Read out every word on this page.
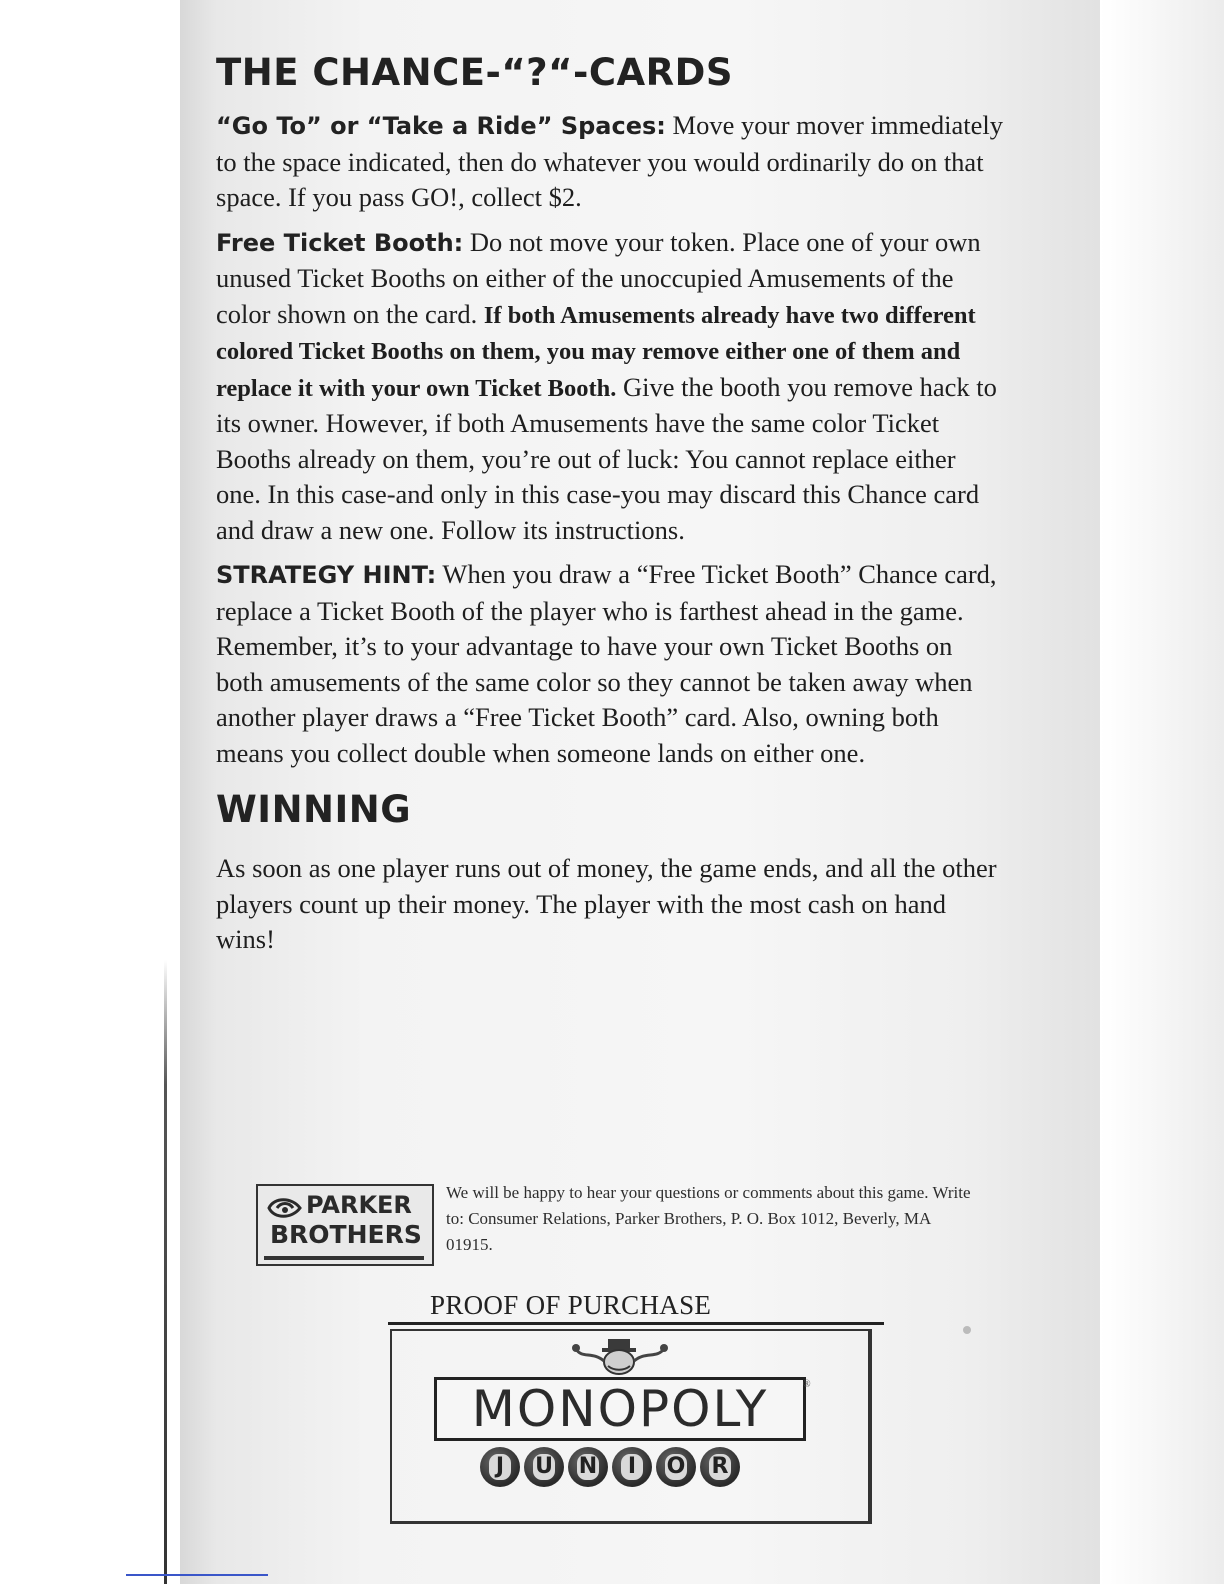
THE CHANCE-“?“-CARDS

“Go To” or “Take a Ride” Spaces: Move your mover immediately to the space indicated, then do whatever you would ordinarily do on that space. If you pass GO!, collect $2.

Free Ticket Booth: Do not move your token. Place one of your own unused Ticket Booths on either of the unoccupied Amusements of the color shown on the card. If both Amusements already have two different colored Ticket Booths on them, you may remove either one of them and replace it with your own Ticket Booth. Give the booth you remove hack to its owner. However, if both Amusements have the same color Ticket Booths already on them, you’re out of luck: You cannot replace either one. In this case-and only in this case-you may discard this Chance card and draw a new one. Follow its instructions.

STRATEGY HINT: When you draw a “Free Ticket Booth” Chance card, replace a Ticket Booth of the player who is farthest ahead in the game. Remember, it’s to your advantage to have your own Ticket Booths on both amusements of the same color so they cannot be taken away when another player draws a “Free Ticket Booth” card. Also, owning both means you collect double when someone lands on either one.

WINNING

As soon as one player runs out of money, the game ends, and all the other players count up their money. The player with the most cash on hand wins!

PARKER
BROTHERS
We will be happy to hear your questions or comments about this game. Write to: Consumer Relations, Parker Brothers, P. O. Box 1012, Beverly, MA 01915.
PROOF OF PURCHASE
MONOPOLY	®
J	U N	I	O R
